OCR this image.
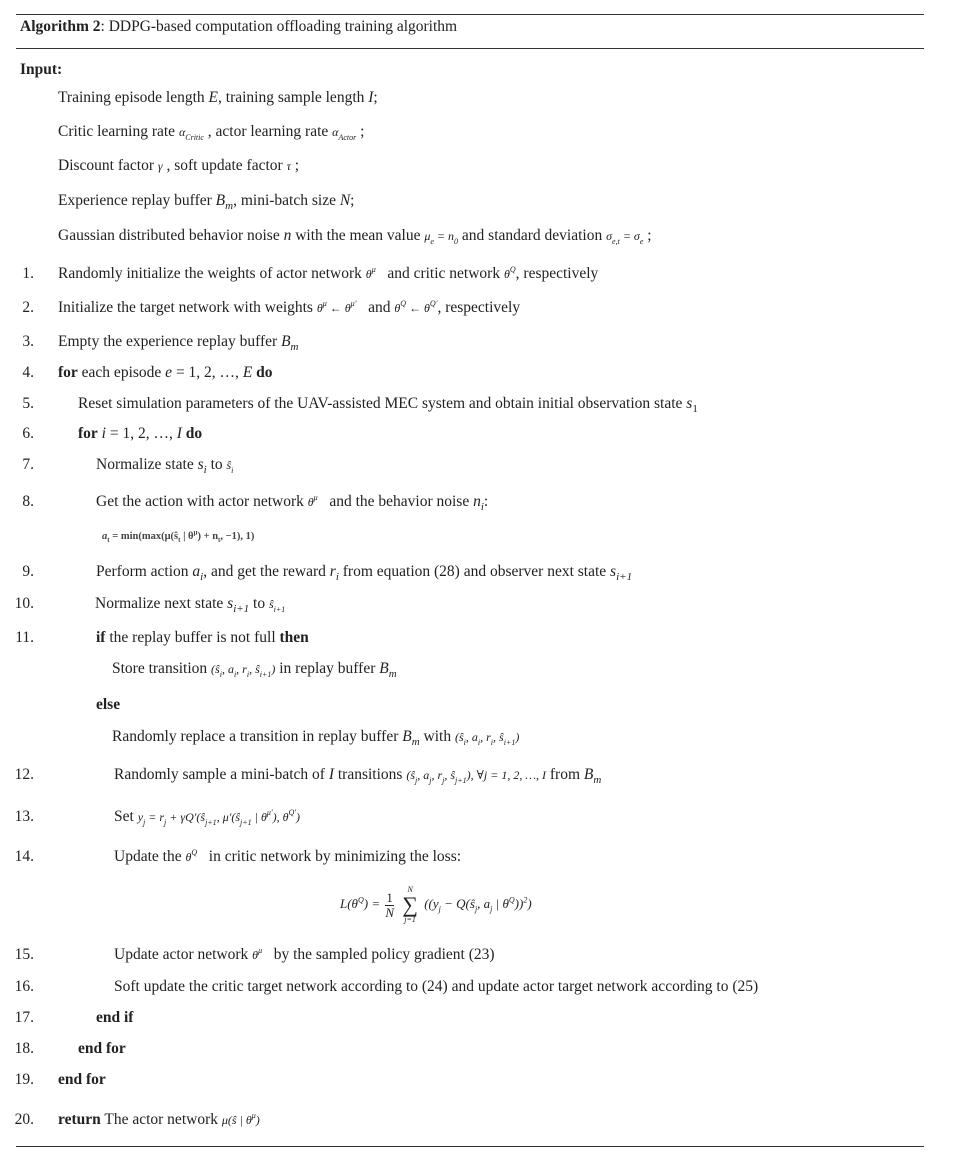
Algorithm 2: DDPG-based computation offloading training algorithm
Input:
Training episode length E, training sample length I;
Critic learning rate $\alpha_{Critic}$ , actor learning rate $\alpha_{Actor}$ ;
Discount factor γ , soft update factor τ ;
Experience replay buffer $B_m$, mini-batch size N;
Gaussian distributed behavior noise n with the mean value $\mu_e = n_0$ and standard deviation $\sigma_{e,t} = \sigma_e$ ;
1. Randomly initialize the weights of actor network $\theta^\mu$ and critic network $\theta^Q$, respectively
2. Initialize the target network with weights $\theta^\mu$ ← $\theta^{\mu'}$ and $\theta^Q$ ← $\theta^{Q'}$, respectively
3. Empty the experience replay buffer $B_m$
4. for each episode e = 1, 2, …, E do
5.	Reset simulation parameters of the UAV-assisted MEC system and obtain initial observation state $s_1$
6.	for i = 1, 2, …, I do
7.	Normalize state $s_i$ to $ŝ_i$
8.	Get the action with actor network $\theta^\mu$ and the behavior noise $n_i$:
$a_t$ = $\min(\max(\mu(ŝ_t$ | $\theta^\mu) + n_t$, −1), 1)
9.	Perform action $a_i$, and get the reward $r_i$ from equation (28) and observer next state $s_{i+1}$
10.	Normalize next state $s_{i+1}$ to $ŝ_{i+1}$
11.	if the replay buffer is not full then
Store transition ($ŝ_i$, $a_i$, $r_i$, $ŝ_{i+1}$) in replay buffer $B_m$
else
Randomly replace a transition in replay buffer $B_m$ with ($ŝ_i$, $a_i$, $r_i$, $ŝ_{i+1}$)
12.	Randomly sample a mini-batch of I transitions ($ŝ_j$, $a_j$, $r_j$, $ŝ_{j+1}$), ∀j = 1, 2, …, I from $B_m$
13.	Set $y_j = r_j$ + $\gamma Q'(ŝ_{j+1}$, $\mu'(ŝ_{j+1}$ | $\theta^{\mu'}$), $\theta^{Q'}$)
14.	Update the $\theta^Q$ in critic network by minimizing the loss:
$L(\theta^Q) = \frac{1}{N}$

N
∑
j=1
(($y_j$ − $Q(ŝ_j$, $a_j$ | $\theta^Q))^2$)
15.	Update actor network $\theta^\mu$ by the sampled policy gradient (23)
16.	Soft update the critic target network according to (24) and update actor target network according to (25)
17.	end if
18.	end for
19. end for
20. return The actor network μ(ŝ | $\theta^\mu$)
